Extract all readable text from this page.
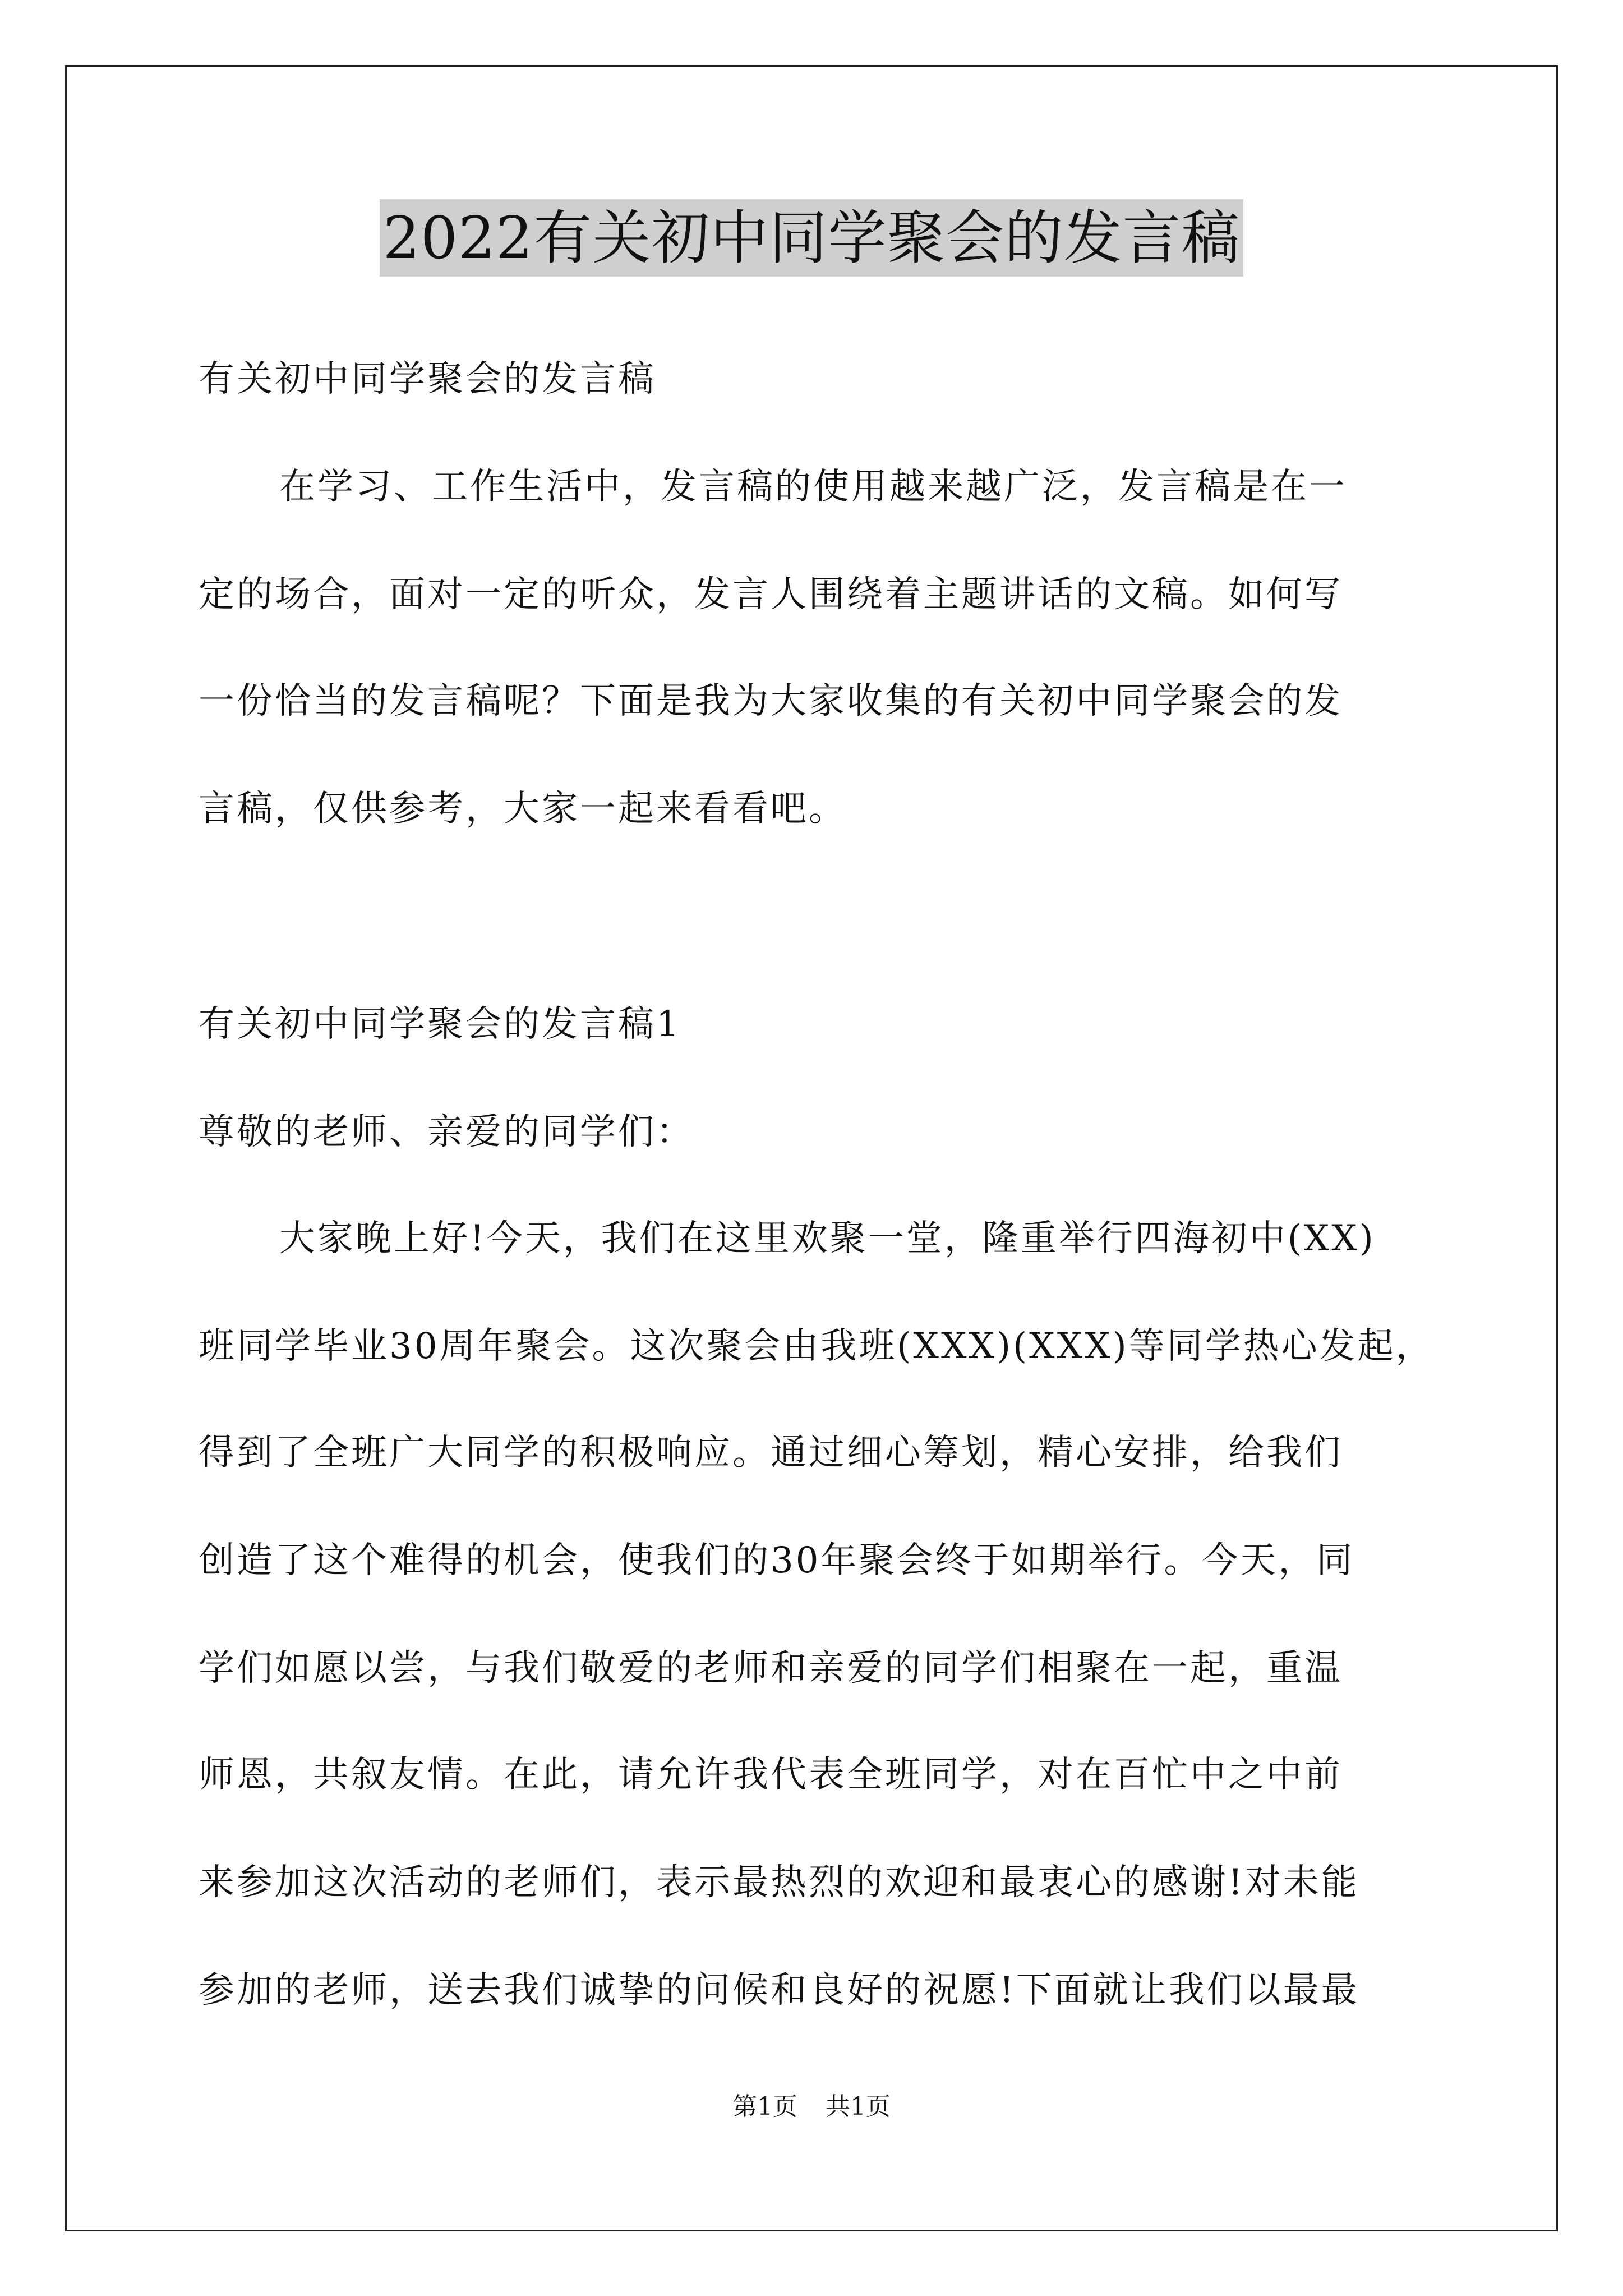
2022有关初中同学聚会的发言稿
有关初中同学聚会的发言稿
在学习、工作生活中，发言稿的使用越来越广泛，发言稿是在一
定的场合，面对一定的听众，发言人围绕着主题讲话的文稿。如何写
一份恰当的发言稿呢？下面是我为大家收集的有关初中同学聚会的发
言稿，仅供参考，大家一起来看看吧。
有关初中同学聚会的发言稿1
尊敬的老师、亲爱的同学们：
大家晚上好!今天，我们在这里欢聚一堂，隆重举行四海初中(XX)
班同学毕业30周年聚会。这次聚会由我班(XXX)(XXX)等同学热心发起，
得到了全班广大同学的积极响应。通过细心筹划，精心安排，给我们
创造了这个难得的机会，使我们的30年聚会终于如期举行。今天，同
学们如愿以尝，与我们敬爱的老师和亲爱的同学们相聚在一起，重温
师恩，共叙友情。在此，请允许我代表全班同学，对在百忙中之中前
来参加这次活动的老师们，表示最热烈的欢迎和最衷心的感谢!对未能
参加的老师，送去我们诚挚的问候和良好的祝愿!下面就让我们以最最
第1页 共1页
